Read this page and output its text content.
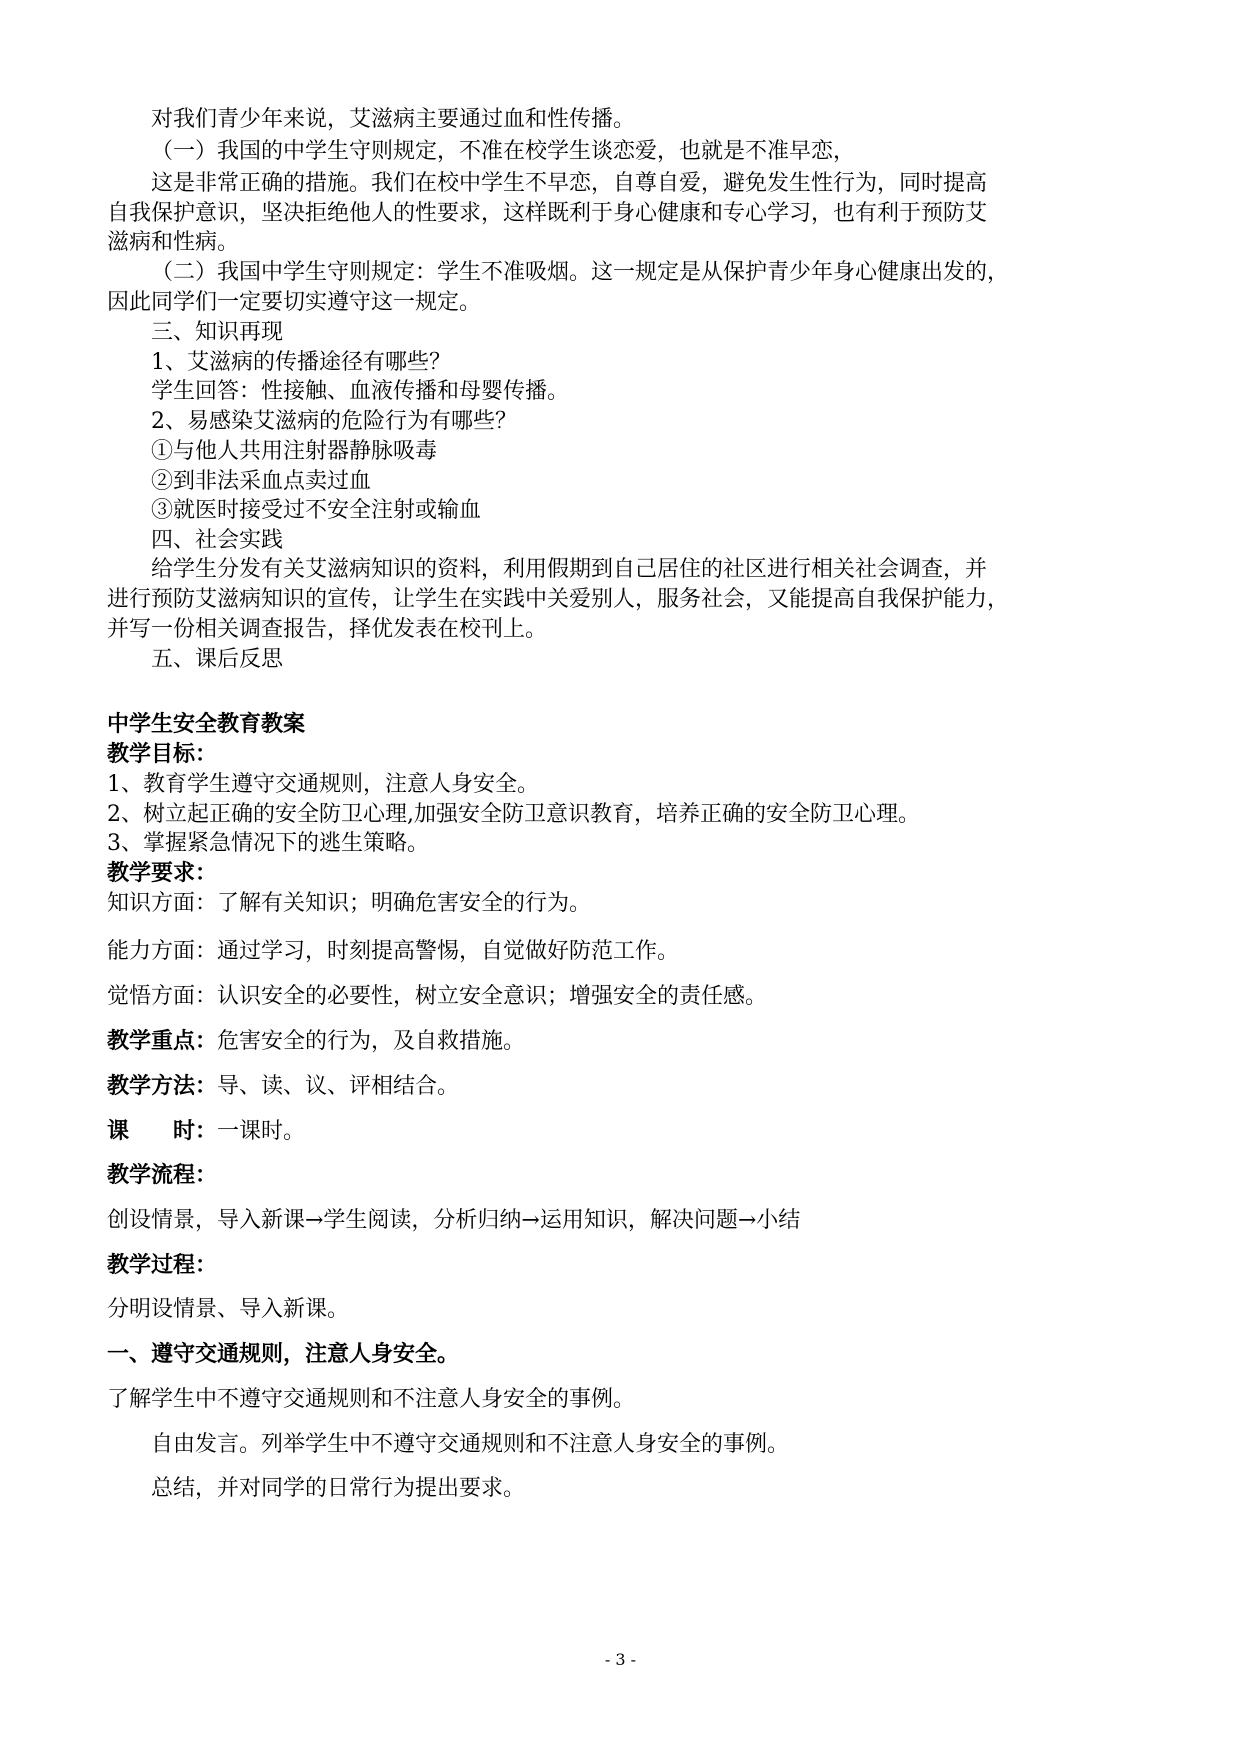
对我们青少年来说，艾滋病主要通过血和性传播。
（一）我国的中学生守则规定，不准在校学生谈恋爱，也就是不准早恋，
这是非常正确的措施。我们在校中学生不早恋，自尊自爱，避免发生性行为，同时提高
自我保护意识，坚决拒绝他人的性要求，这样既利于身心健康和专心学习，也有利于预防艾
滋病和性病。
（二）我国中学生守则规定：学生不准吸烟。这一规定是从保护青少年身心健康出发的，
因此同学们一定要切实遵守这一规定。
三、知识再现
1、艾滋病的传播途径有哪些？
学生回答：性接触、血液传播和母婴传播。
2、易感染艾滋病的危险行为有哪些？
①与他人共用注射器静脉吸毒
②到非法采血点卖过血
③就医时接受过不安全注射或输血
四、社会实践
给学生分发有关艾滋病知识的资料，利用假期到自己居住的社区进行相关社会调查，并
进行预防艾滋病知识的宣传，让学生在实践中关爱别人，服务社会，又能提高自我保护能力，
并写一份相关调查报告，择优发表在校刊上。
五、课后反思
中学生安全教育教案
教学目标：
1、教育学生遵守交通规则，注意人身安全。
2、树立起正确的安全防卫心理,加强安全防卫意识教育，培养正确的安全防卫心理。
3、掌握紧急情况下的逃生策略。
教学要求：
知识方面：了解有关知识；明确危害安全的行为。
能力方面：通过学习，时刻提高警惕，自觉做好防范工作。
觉悟方面：认识安全的必要性，树立安全意识；增强安全的责任感。
教学重点：危害安全的行为，及自救措施。
教学方法：导、读、议、评相结合。
课 时：一课时。
教学流程：
创设情景，导入新课→学生阅读，分析归纳→运用知识，解决问题→小结
教学过程：
分明设情景、导入新课。
一、遵守交通规则，注意人身安全。
了解学生中不遵守交通规则和不注意人身安全的事例。
自由发言。列举学生中不遵守交通规则和不注意人身安全的事例。
总结，并对同学的日常行为提出要求。
- 3 -
